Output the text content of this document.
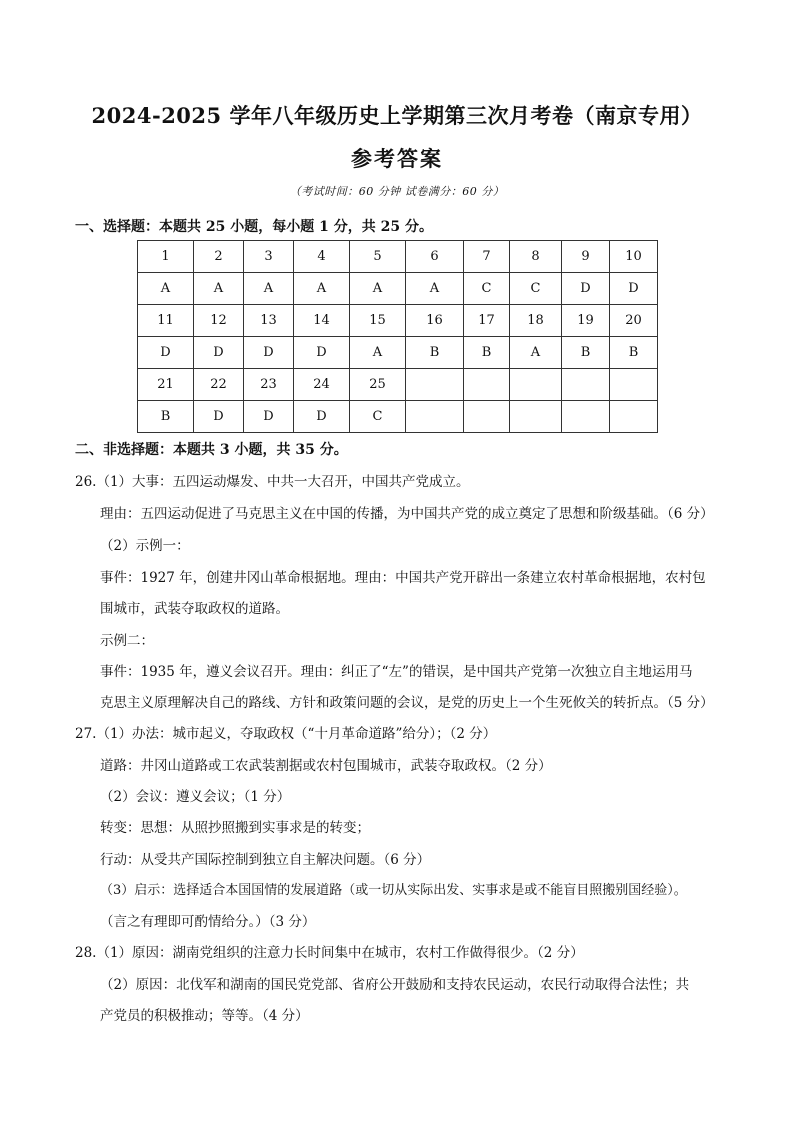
2024-2025 学年八年级历史上学期第三次月考卷（南京专用）
参考答案
（考试时间：60 分钟 试卷满分：60 分）
一、选择题：本题共 25 小题，每小题 1 分，共 25 分。
1	2	3	4	5	6	7	8	9	10
A	A	A	A	A	A	C	C	D	D
11	12	13	14	15	16	17	18	19	20
D	D	D	D	A	B	B	A	B	B
21	22	23	24	25					
B	D	D	D	C					
二、非选择题：本题共 3 小题，共 35 分。
26.（1）大事：五四运动爆发、中共一大召开，中国共产党成立。
理由：五四运动促进了马克思主义在中国的传播，为中国共产党的成立奠定了思想和阶级基础。（6 分）
（2）示例一：
事件：1927 年，创建井冈山革命根据地。理由：中国共产党开辟出一条建立农村革命根据地，农村包
围城市，武装夺取政权的道路。
示例二：
事件：1935 年，遵义会议召开。理由：纠正了“左”的错误，是中国共产党第一次独立自主地运用马
克思主义原理解决自己的路线、方针和政策问题的会议，是党的历史上一个生死攸关的转折点。（5 分）
27.（1）办法：城市起义，夺取政权（“十月革命道路”给分）；（2 分）
道路：井冈山道路或工农武装割据或农村包围城市，武装夺取政权。（2 分）
（2）会议：遵义会议；（1 分）
转变：思想：从照抄照搬到实事求是的转变；
行动：从受共产国际控制到独立自主解决问题。（6 分）
（3）启示：选择适合本国国情的发展道路（或一切从实际出发、实事求是或不能盲目照搬别国经验）。
（言之有理即可酌情给分。）（3 分）
28.（1）原因：湖南党组织的注意力长时间集中在城市，农村工作做得很少。（2 分）
（2）原因：北伐军和湖南的国民党党部、省府公开鼓励和支持农民运动，农民行动取得合法性；共
产党员的积极推动；等等。（4 分）
